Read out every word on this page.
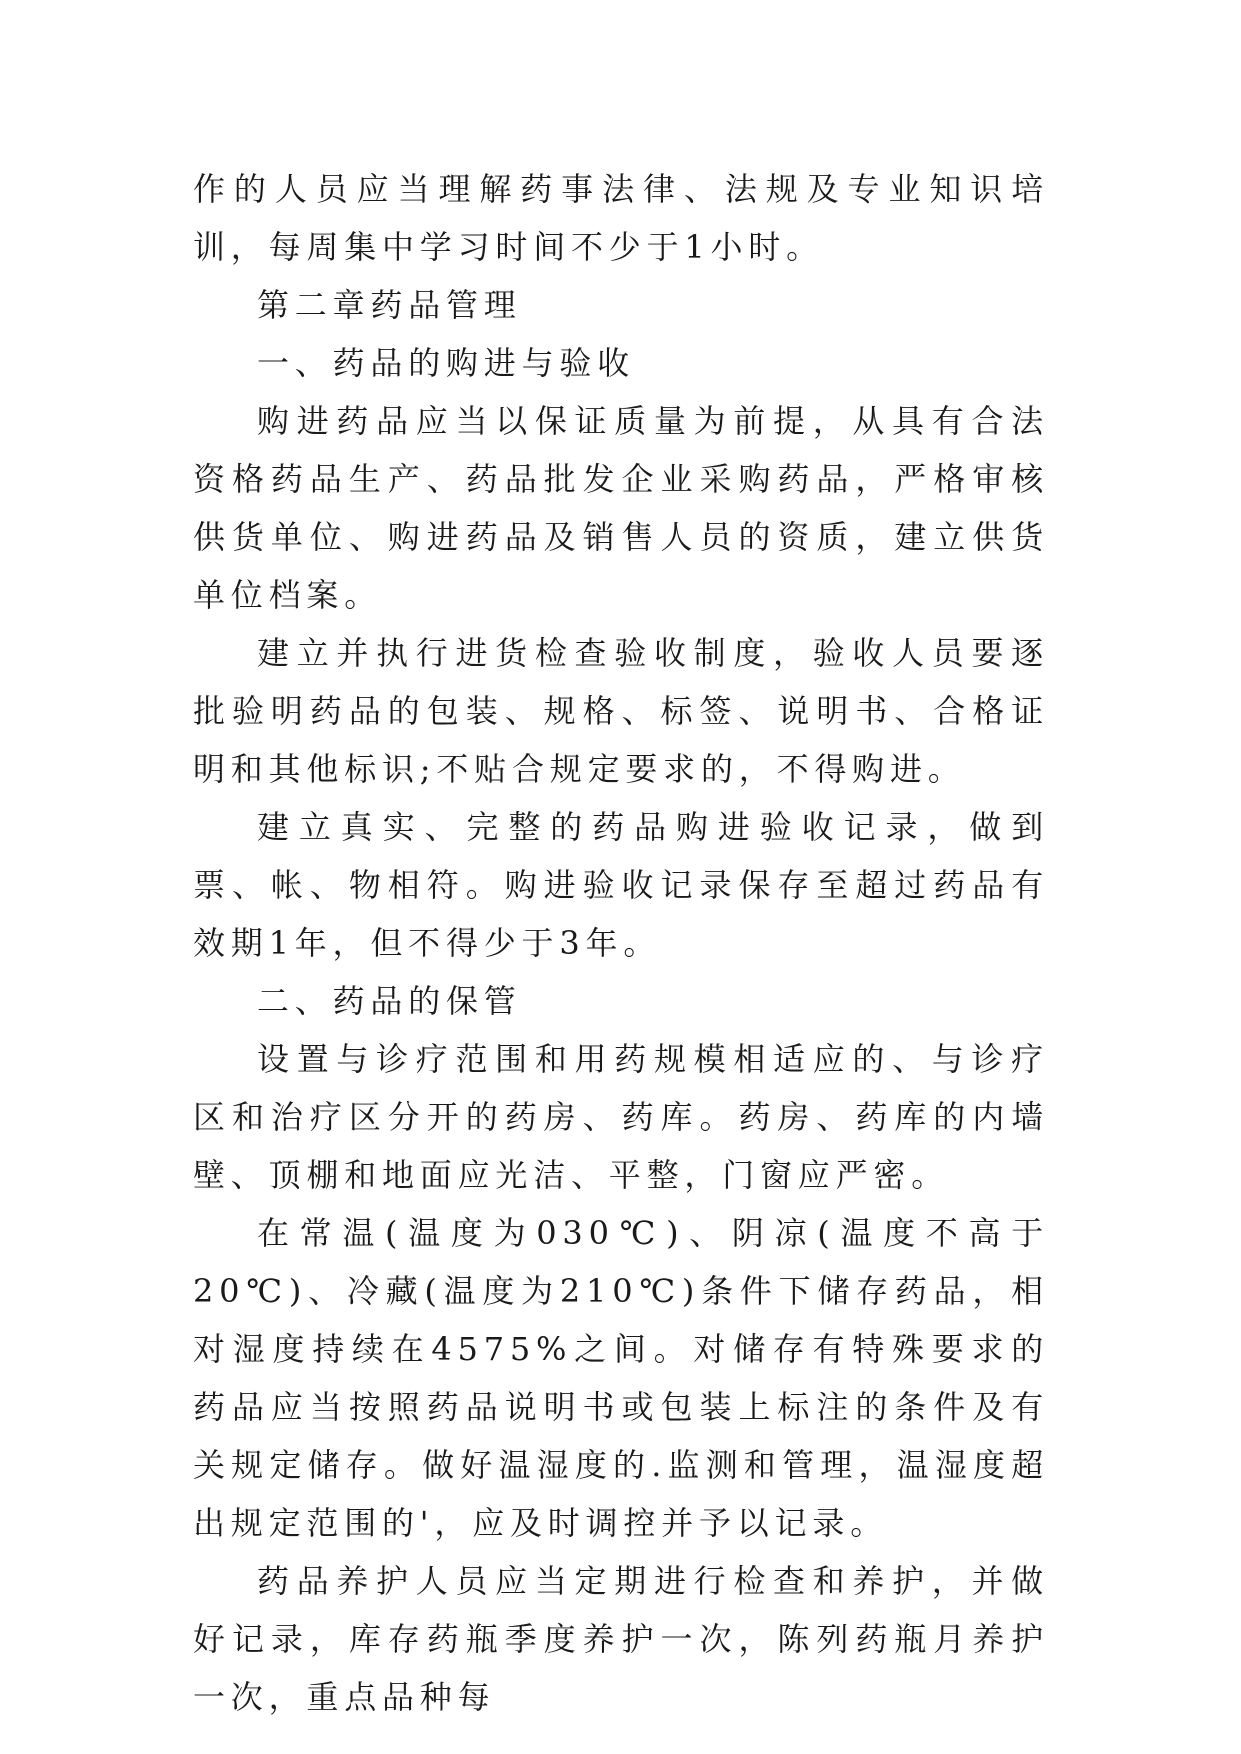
作的人员应当理解药事法律、法规及专业知识培训，每周集中学习时间不少于1小时。

第二章药品管理

一、药品的购进与验收

购进药品应当以保证质量为前提，从具有合法资格药品生产、药品批发企业采购药品，严格审核供货单位、购进药品及销售人员的资质，建立供货单位档案。

建立并执行进货检查验收制度，验收人员要逐批验明药品的包装、规格、标签、说明书、合格证明和其他标识;不贴合规定要求的，不得购进。

建立真实、完整的药品购进验收记录，做到票、帐、物相符。购进验收记录保存至超过药品有效期1年，但不得少于3年。

二、药品的保管

设置与诊疗范围和用药规模相适应的、与诊疗区和治疗区分开的药房、药库。药房、药库的内墙壁、顶棚和地面应光洁、平整，门窗应严密。

在常温(温度为030℃)、阴凉(温度不高于20℃)、冷藏(温度为210℃)条件下储存药品，相对湿度持续在4575%之间。对储存有特殊要求的药品应当按照药品说明书或包装上标注的条件及有关规定储存。做好温湿度的.监测和管理，温湿度超出规定范围的'，应及时调控并予以记录。

药品养护人员应当定期进行检查和养护，并做好记录，库存药瓶季度养护一次，陈列药瓶月养护一次，重点品种每
